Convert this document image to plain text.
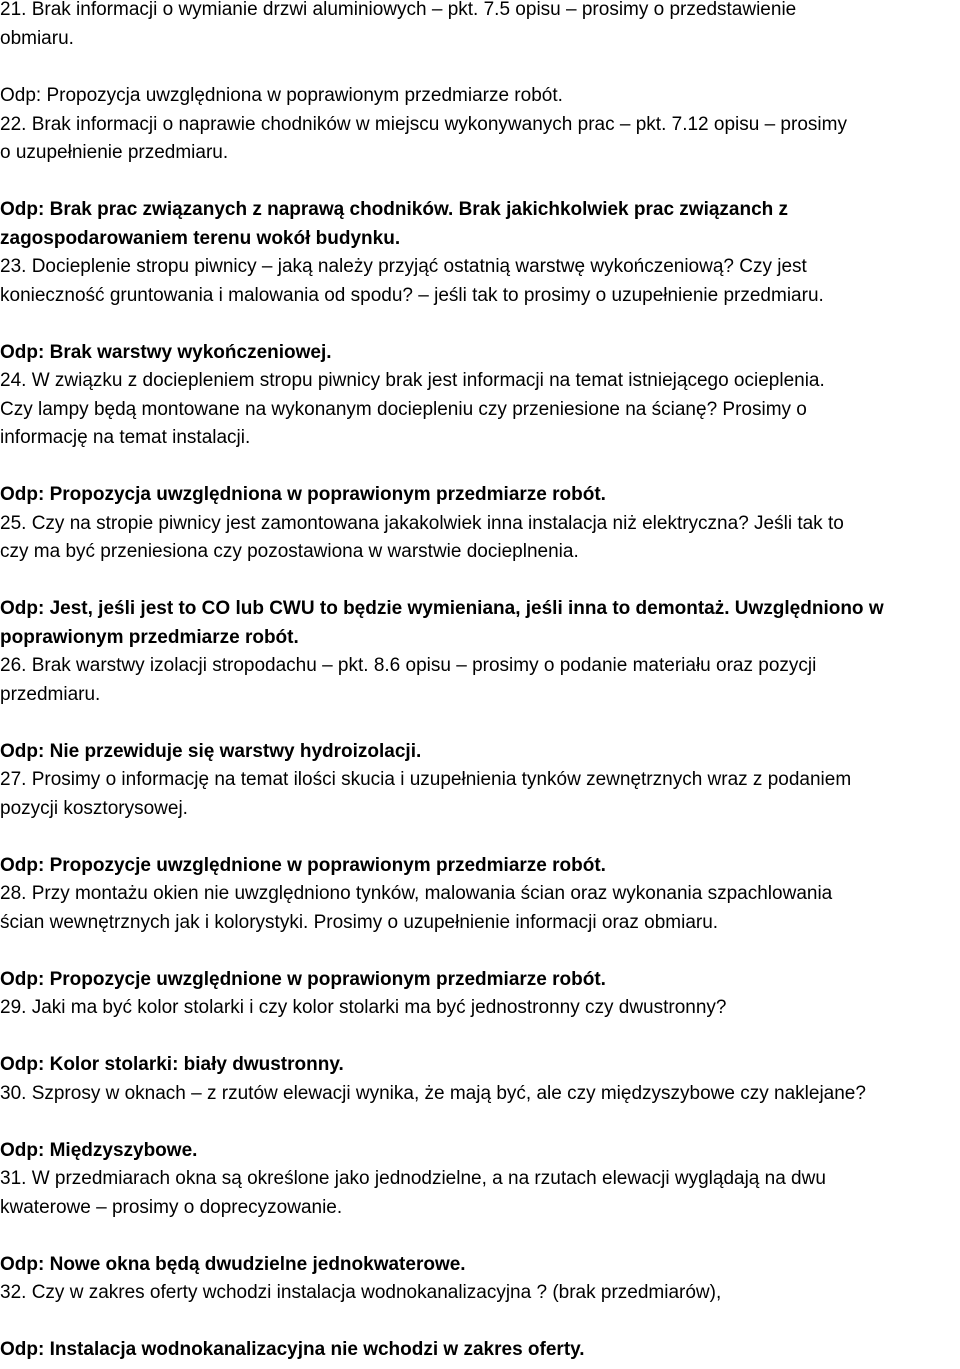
21. Brak informacji o wymianie drzwi aluminiowych – pkt. 7.5 opisu – prosimy o przedstawienie
obmiaru.
Odp: Propozycja uwzględniona w poprawionym przedmiarze robót.
22. Brak informacji o naprawie chodników w miejscu wykonywanych prac – pkt. 7.12 opisu – prosimy
o uzupełnienie przedmiaru.
Odp: Brak prac związanych z naprawą chodników. Brak jakichkolwiek prac związanch z
zagospodarowaniem terenu wokół budynku.
23. Docieplenie stropu piwnicy – jaką należy przyjąć ostatnią warstwę wykończeniową? Czy jest
konieczność gruntowania i malowania od spodu? – jeśli tak to prosimy o uzupełnienie przedmiaru.
Odp: Brak warstwy wykończeniowej.
24. W związku z dociepleniem stropu piwnicy brak jest informacji na temat istniejącego ocieplenia.
Czy lampy będą montowane na wykonanym dociepleniu czy przeniesione na ścianę? Prosimy o
informację na temat instalacji.
Odp: Propozycja uwzględniona w poprawionym przedmiarze robót.
25. Czy na stropie piwnicy jest zamontowana jakakolwiek inna instalacja niż elektryczna? Jeśli tak to
czy ma być przeniesiona czy pozostawiona w warstwie docieplnenia.
Odp: Jest, jeśli jest to CO lub CWU to będzie wymieniana, jeśli inna to demontaż. Uwzględniono w
poprawionym przedmiarze robót.
26. Brak warstwy izolacji stropodachu – pkt. 8.6 opisu – prosimy o podanie materiału oraz pozycji
przedmiaru.
Odp: Nie przewiduje się warstwy hydroizolacji.
27. Prosimy o informację na temat ilości skucia i uzupełnienia tynków zewnętrznych wraz z podaniem
pozycji kosztorysowej.
Odp: Propozycje uwzględnione w poprawionym przedmiarze robót.
28. Przy montażu okien nie uwzględniono tynków, malowania ścian oraz wykonania szpachlowania
ścian wewnętrznych jak i kolorystyki. Prosimy o uzupełnienie informacji oraz obmiaru.
Odp: Propozycje uwzględnione w poprawionym przedmiarze robót.
29. Jaki ma być kolor stolarki i czy kolor stolarki ma być jednostronny czy dwustronny?
Odp: Kolor stolarki: biały dwustronny.
30. Szprosy w oknach – z rzutów elewacji wynika, że mają być, ale czy międzyszybowe czy naklejane?
Odp: Międzyszybowe.
31. W przedmiarach okna są określone jako jednodzielne, a na rzutach elewacji wyglądają na dwu
kwaterowe – prosimy o doprecyzowanie.
Odp: Nowe okna będą dwudzielne jednokwaterowe.
32. Czy w zakres oferty wchodzi instalacja wodnokanalizacyjna ? (brak przedmiarów),
Odp: Instalacja wodnokanalizacyjna nie wchodzi w zakres oferty.
